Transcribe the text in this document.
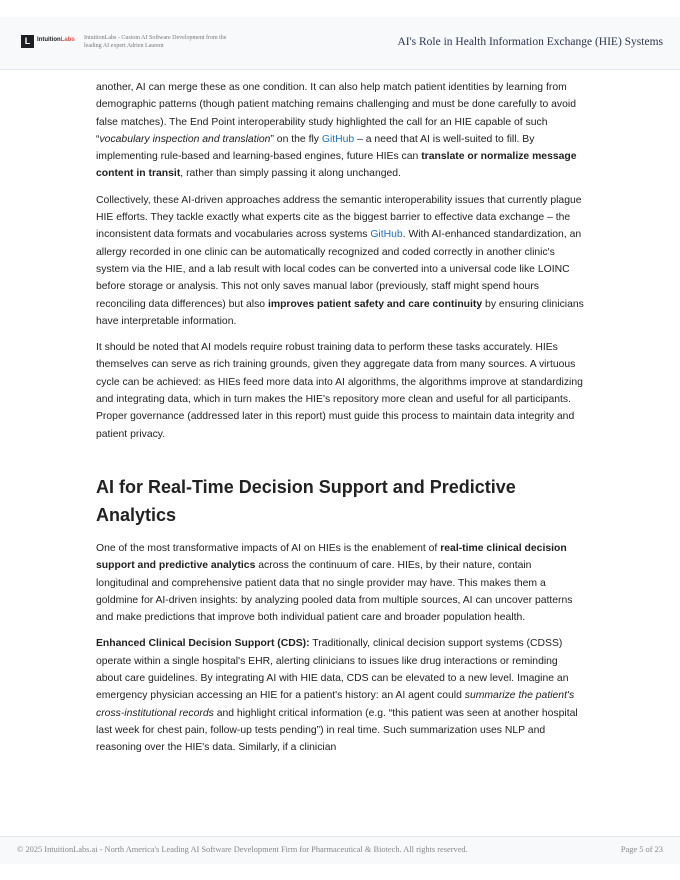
L	IntuitionLabs IntuitionLabs - Custom AI Software Development from the leading AI expert Adrien Laurent	AI's Role in Health Information Exchange (HIE) Systems

another, AI can merge these as one condition. It can also help match patient identities by learning from demographic patterns (though patient matching remains challenging and must be done carefully to avoid false matches). The End Point interoperability study highlighted the call for an HIE capable of such “vocabulary inspection and translation” on the fly GitHub – a need that AI is well-suited to fill. By implementing rule-based and learning-based engines, future HIEs can translate or normalize message content in transit, rather than simply passing it along unchanged.

Collectively, these AI-driven approaches address the semantic interoperability issues that currently plague HIE efforts. They tackle exactly what experts cite as the biggest barrier to effective data exchange – the inconsistent data formats and vocabularies across systems GitHub. With AI-enhanced standardization, an allergy recorded in one clinic can be automatically recognized and coded correctly in another clinic's system via the HIE, and a lab result with local codes can be converted into a universal code like LOINC before storage or analysis. This not only saves manual labor (previously, staff might spend hours reconciling data differences) but also improves patient safety and care continuity by ensuring clinicians have interpretable information.

It should be noted that AI models require robust training data to perform these tasks accurately. HIEs themselves can serve as rich training grounds, given they aggregate data from many sources. A virtuous cycle can be achieved: as HIEs feed more data into AI algorithms, the algorithms improve at standardizing and integrating data, which in turn makes the HIE's repository more clean and useful for all participants. Proper governance (addressed later in this report) must guide this process to maintain data integrity and patient privacy.

AI for Real-Time Decision Support and Predictive Analytics

One of the most transformative impacts of AI on HIEs is the enablement of real-time clinical decision support and predictive analytics across the continuum of care. HIEs, by their nature, contain longitudinal and comprehensive patient data that no single provider may have. This makes them a goldmine for AI-driven insights: by analyzing pooled data from multiple sources, AI can uncover patterns and make predictions that improve both individual patient care and broader population health.

Enhanced Clinical Decision Support (CDS): Traditionally, clinical decision support systems (CDSS) operate within a single hospital's EHR, alerting clinicians to issues like drug interactions or reminding about care guidelines. By integrating AI with HIE data, CDS can be elevated to a new level. Imagine an emergency physician accessing an HIE for a patient's history: an AI agent could summarize the patient's cross-institutional records and highlight critical information (e.g. “this patient was seen at another hospital last week for chest pain, follow-up tests pending”) in real time. Such summarization uses NLP and reasoning over the HIE's data. Similarly, if a clinician

© 2025 IntuitionLabs.ai - North America's Leading AI Software Development Firm for Pharmaceutical & Biotech. All rights reserved.	Page 5 of 23
